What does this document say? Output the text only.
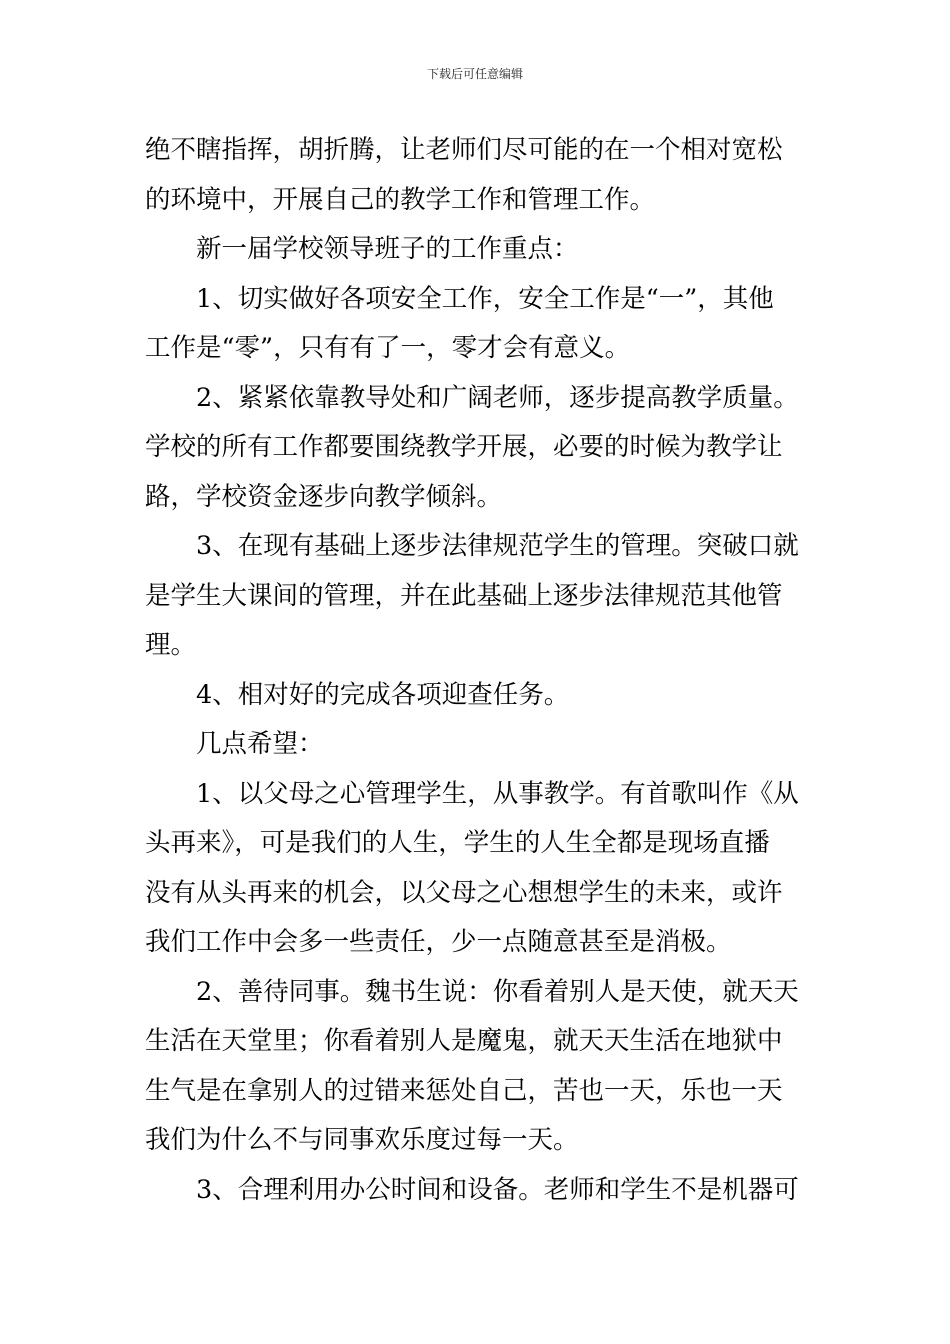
下载后可任意编辑
绝不瞎指挥，胡折腾，让老师们尽可能的在一个相对宽松
的环境中，开展自己的教学工作和管理工作。
新一届学校领导班子的工作重点：
1、切实做好各项安全工作，安全工作是“一”，其他
工作是“零”，只有有了一，零才会有意义。
2、紧紧依靠教导处和广阔老师，逐步提高教学质量。
学校的所有工作都要围绕教学开展，必要的时候为教学让
路，学校资金逐步向教学倾斜。
3、在现有基础上逐步法律规范学生的管理。突破口就
是学生大课间的管理，并在此基础上逐步法律规范其他管
理。
4、相对好的完成各项迎查任务。
几点希望：
1、以父母之心管理学生，从事教学。有首歌叫作《从
头再来》，可是我们的人生，学生的人生全都是现场直播
没有从头再来的机会，以父母之心想想学生的未来，或许
我们工作中会多一些责任，少一点随意甚至是消极。
2、善待同事。魏书生说：你看着别人是天使，就天天
生活在天堂里；你看着别人是魔鬼，就天天生活在地狱中
生气是在拿别人的过错来惩处自己，苦也一天，乐也一天
我们为什么不与同事欢乐度过每一天。
3、合理利用办公时间和设备。老师和学生不是机器可
